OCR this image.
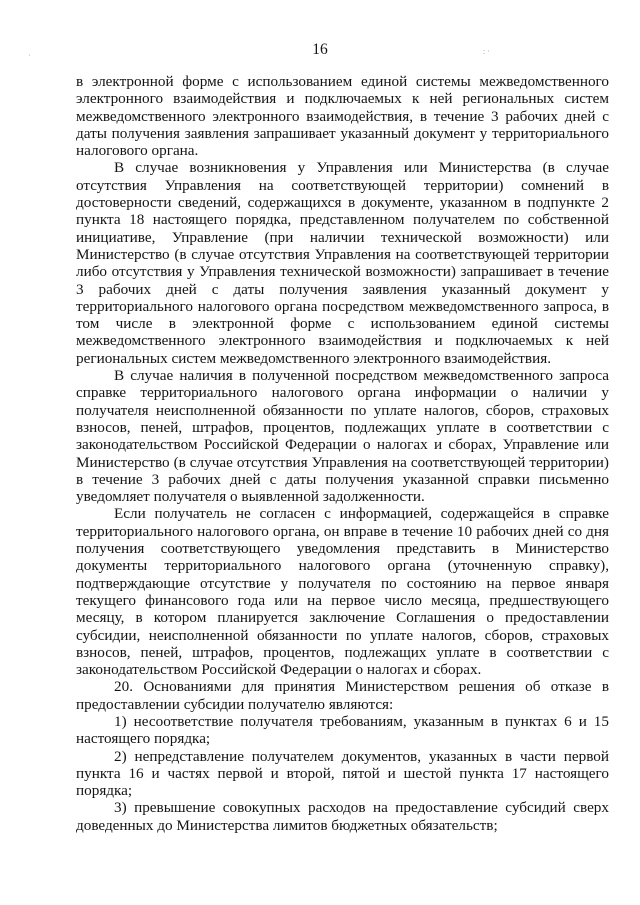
16
·	: ·

в электронной форме с использованием единой системы межведомственного электронного взаимодействия и подключаемых к ней региональных систем межведомственного электронного взаимодействия, в течение 3 рабочих дней с даты получения заявления запрашивает указанный документ у территориального налогового органа.

В случае возникновения у Управления или Министерства (в случае отсутствия Управления на соответствующей территории) сомнений в достоверности сведений, содержащихся в документе, указанном в подпункте 2 пункта 18 настоящего порядка, представленном получателем по собственной инициативе, Управление (при наличии технической возможности) или Министерство (в случае отсутствия Управления на соответствующей территории либо отсутствия у Управления технической возможности) запрашивает в течение 3 рабочих дней с даты получения заявления указанный документ у территориального налогового органа посредством межведомственного запроса, в том числе в электронной форме с использованием единой системы межведомственного электронного взаимодействия и подключаемых к ней региональных систем межведомственного электронного взаимодействия.

В случае наличия в полученной посредством межведомственного запроса справке территориального налогового органа информации о наличии у получателя неисполненной обязанности по уплате налогов, сборов, страховых взносов, пеней, штрафов, процентов, подлежащих уплате в соответствии с законодательством Российской Федерации о налогах и сборах, Управление или Министерство (в случае отсутствия Управления на соответствующей территории) в течение 3 рабочих дней с даты получения указанной справки письменно уведомляет получателя о выявленной задолженности.

Если получатель не согласен с информацией, содержащейся в справке территориального налогового органа, он вправе в течение 10 рабочих дней со дня получения соответствующего уведомления представить в Министерство документы территориального налогового органа (уточненную справку), подтверждающие отсутствие у получателя по состоянию на первое января текущего финансового года или на первое число месяца, предшествующего месяцу, в котором планируется заключение Соглашения о предоставлении субсидии, неисполненной обязанности по уплате налогов, сборов, страховых взносов, пеней, штрафов, процентов, подлежащих уплате в соответствии с законодательством Российской Федерации о налогах и сборах.

20. Основаниями для принятия Министерством решения об отказе в предоставлении субсидии получателю являются:

1) несоответствие получателя требованиям, указанным в пунктах 6 и 15 настоящего порядка;

2) непредставление получателем документов, указанных в части первой пункта 16 и частях первой и второй, пятой и шестой пункта 17 настоящего порядка;

3) превышение совокупных расходов на предоставление субсидий сверх доведенных до Министерства лимитов бюджетных обязательств;
